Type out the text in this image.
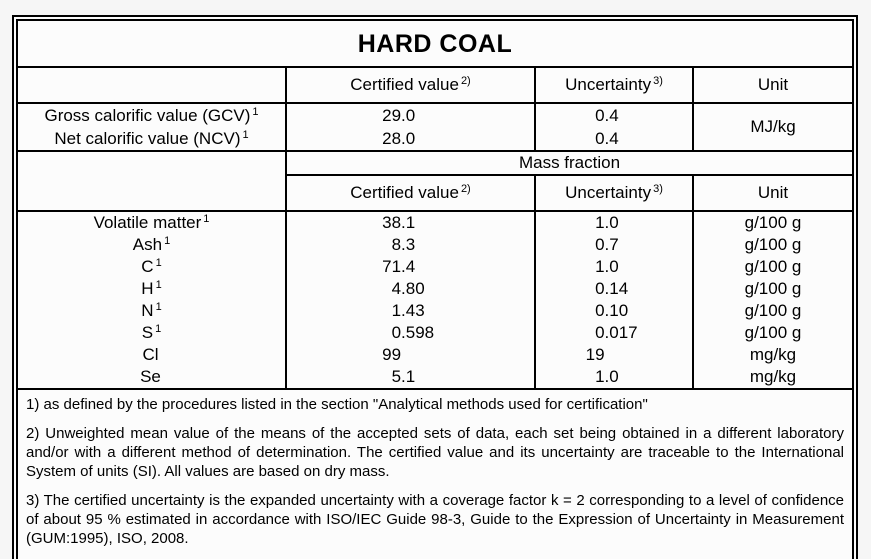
HARD COAL			
	Certified value $^{2)}$	Uncertainty $^{3)}$	Unit
Gross calorific value (GCV) $^1$	29.0	0.4	MJ/kg
Net calorific value (NCV) $^1$	28.0	0.4	
	Mass fraction		
	Certified value $^{2)}$	Uncertainty $^{3)}$	Unit
Volatile matter $^1$	38.1	1.0	g/100 g
Ash $^1$	8.3	0.7	g/100 g
C $^1$	71.4	1.0	g/100 g
H $^1$	4.80	0.14	g/100 g
N $^1$	1.43	0.10	g/100 g
S $^1$	0.598	0.017	g/100 g
Cl	99	19	mg/kg
Se	5.1	1.0	mg/kg

1) as defined by the procedures listed in the section "Analytical methods used for certification"

2) Unweighted mean value of the means of the accepted sets of data, each set being obtained in a different laboratory and/or with a different method of determination. The certified value and its uncertainty are traceable to the International System of units (SI). All values are based on dry mass.

3) The certified uncertainty is the expanded uncertainty with a coverage factor k = 2 corresponding to a level of confidence of about 95 % estimated in accordance with ISO/IEC Guide 98-3, Guide to the Expression of Uncertainty in Measurement (GUM:1995), ISO, 2008.			
